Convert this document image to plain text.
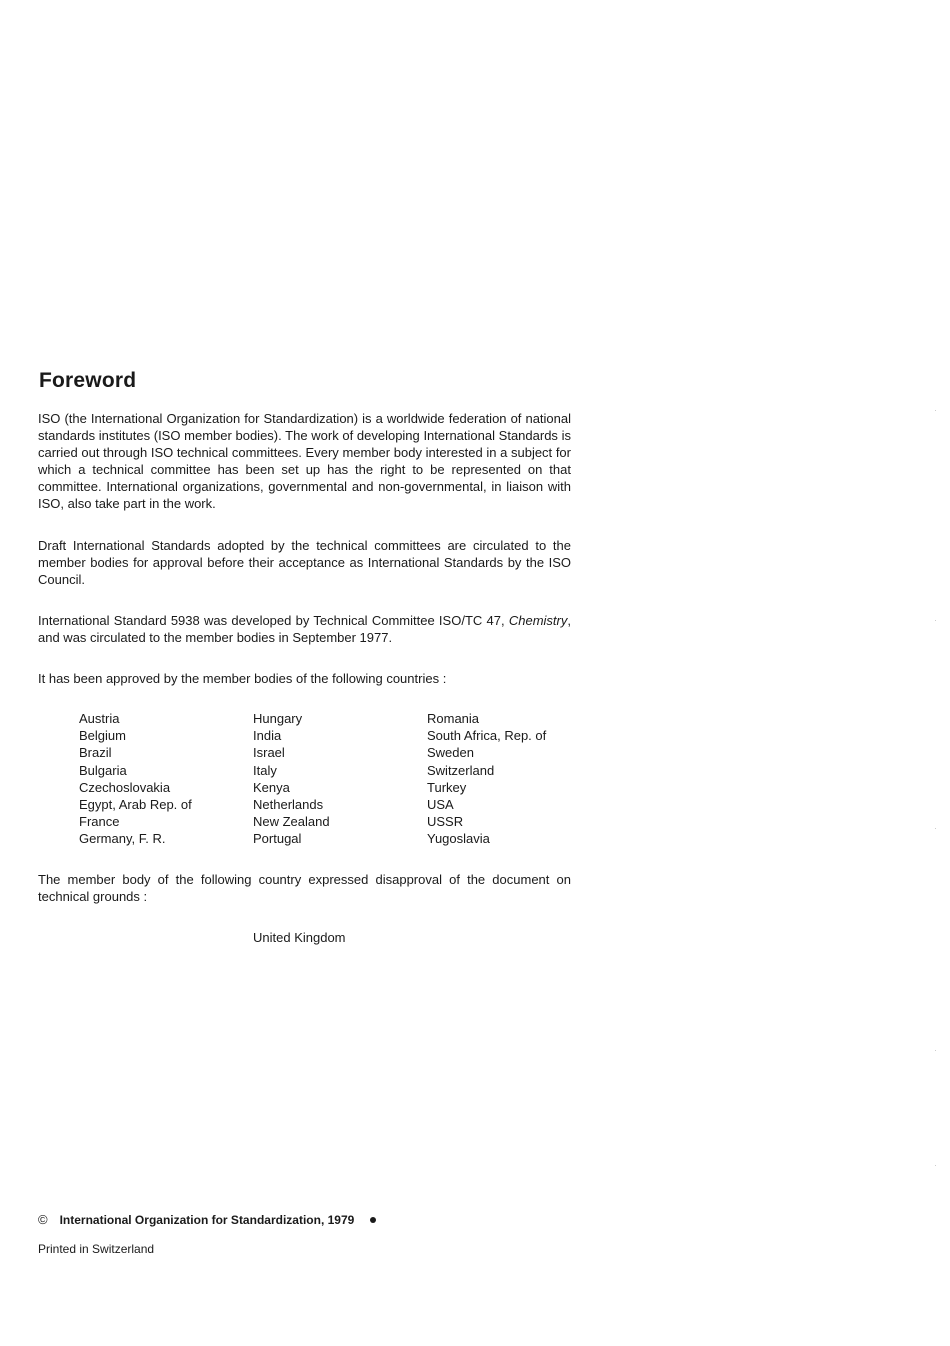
Foreword

ISO (the International Organization for Standardization) is a worldwide federation of national standards institutes (ISO member bodies). The work of developing International Standards is carried out through ISO technical committees. Every member body interested in a subject for which a technical committee has been set up has the right to be represented on that committee. International organizations, governmental and non-governmental, in liaison with ISO, also take part in the work.

Draft International Standards adopted by the technical committees are circulated to the member bodies for approval before their acceptance as International Standards by the ISO Council.

International Standard 5938 was developed by Technical Committee ISO/TC 47, Chemistry, and was circulated to the member bodies in September 1977.

It has been approved by the member bodies of the following countries :

Austria
Belgium
Brazil
Bulgaria
Czechoslovakia
Egypt, Arab Rep. of
France
Germany, F. R.
Hungary
India
Israel
Italy
Kenya
Netherlands
New Zealand
Portugal
Romania
South Africa, Rep. of
Sweden
Switzerland
Turkey
USA
USSR
Yugoslavia

The member body of the following country expressed disapproval of the document on technical grounds :

United Kingdom

© International Organization for Standardization, 1979

Printed in Switzerland
